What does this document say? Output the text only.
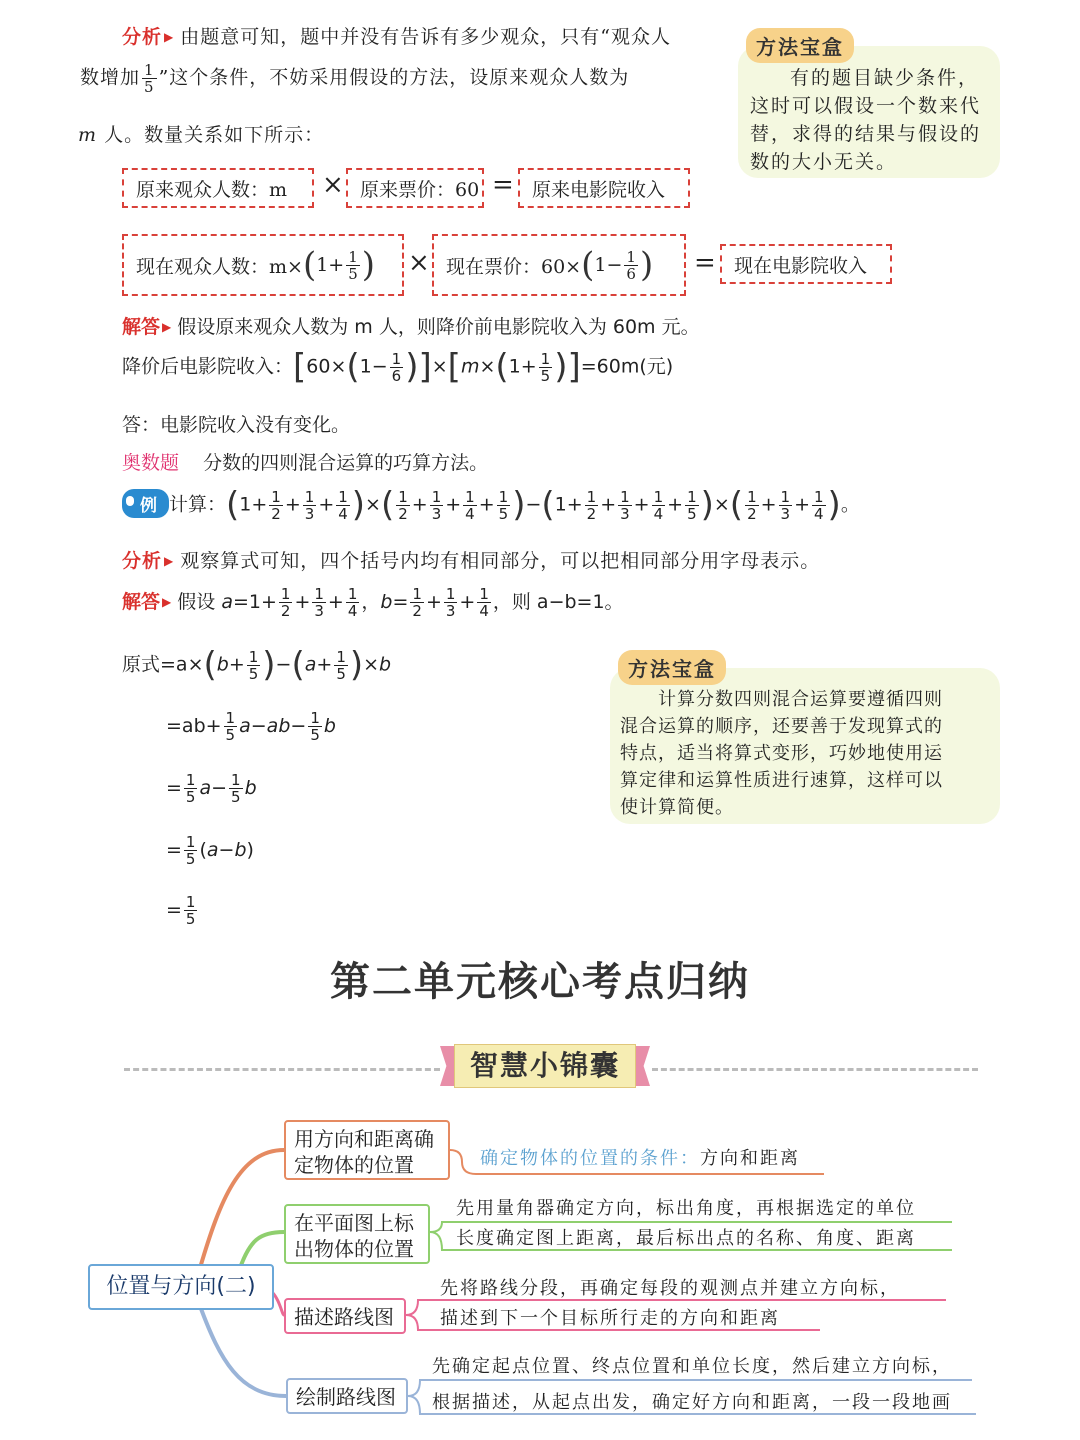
分析 ▶ 由题意可知，题中并没有告诉有多少观众，只有“观众人
数增加 $\frac{1}{5}$ ”这个条件，不妨采用假设的方法，设原来观众人数为
m 人。数量关系如下所示：
有的题目缺少条件，
这时可以假设一个数来代
替，求得的结果与假设的
数的大小无关。
方法宝盒
原来观众人数：m	× 原来票价：60 = 原来电影院收入
现在观众人数：m× ( $1+ \frac{1}{5}$ ) × 现在票价：60× ( $1- \frac{1}{6}$ ) = 现在电影院收入
解答 ▶ 假设原来观众人数为 m 人，则降价前电影院收入为 60m 元。
降价后电影院收入：$[60\times(1- \frac{1}{6} )]\times[m\times(1+ \frac{1}{5} )]=60m$(元)
答：电影院收入没有变化。
奥数题 分数的四则混合运算的巧算方法。
例 计算：($1+ \frac{1}{2} + \frac{1}{3} + \frac{1}{4}$ )×( $\frac{1}{2} + \frac{1}{3} + \frac{1}{4} + \frac{1}{5} )-(1+ \frac{1}{2} + \frac{1}{3} + \frac{1}{4} + \frac{1}{5}$ )×( $\frac{1}{2} + \frac{1}{3} + \frac{1}{4}$ )。
分析 ▶ 观察算式可知，四个括号内均有相同部分，可以把相同部分用字母表示。
解答 ▶ 假设 $a=1+ \frac{1}{2} + \frac{1}{3} + \frac{1}{4}$ ，$b= \frac{1}{2} + \frac{1}{3} + \frac{1}{4}$ ，则 a−b=1。
原式$=a\times(b+ \frac{1}{5} )-(a+ \frac{1}{5} )\times b$
$=ab+ \frac{1}{5} a-ab- \frac{1}{5}$ b
= $\frac{1}{5} a- \frac{1}{5}$ b
= $\frac{1}{5} (a-b)$
= $\frac{1}{5}$
计算分数四则混合运算要遵循四则
混合运算的顺序，还要善于发现算式的
特点，适当将算式变形，巧妙地使用运
算定律和运算性质进行速算，这样可以
使计算简便。
方法宝盒
第二单元核心考点归纳
智慧小锦囊
位置与方向(二)
用方向和距离确
定物体的位置	确定物体的位置的条件：方向和距离
在平面图上标
出物体的位置
先用量角器确定方向，标出角度，再根据选定的单位
长度确定图上距离，最后标出点的名称、角度、距离
描述路线图
先将路线分段，再确定每段的观测点并建立方向标，
描述到下一个目标所行走的方向和距离
绘制路线图
先确定起点位置、终点位置和单位长度，然后建立方向标，
根据描述，从起点出发，确定好方向和距离，一段一段地画
